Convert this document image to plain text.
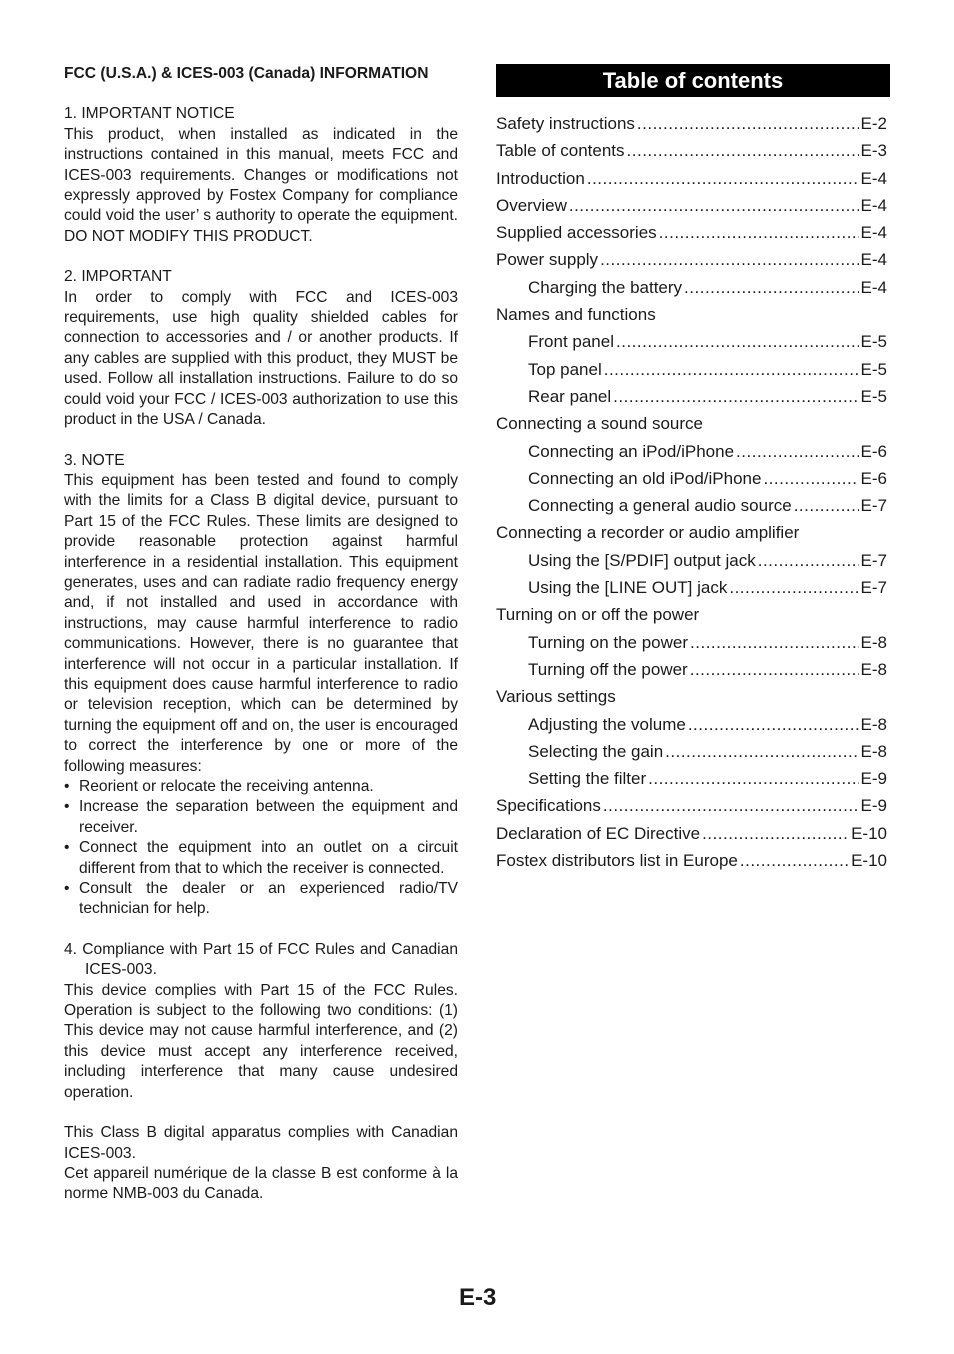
FCC (U.S.A.) & ICES-003 (Canada) INFORMATION

1. IMPORTANT NOTICE

This product, when installed as indicated in the instructions contained in this manual, meets FCC and ICES-003 requirements. Changes or modifications not expressly approved by Fostex Company for compliance could void the user’ s authority to operate the equipment. DO NOT MODIFY THIS PRODUCT.

2. IMPORTANT

In order to comply with FCC and ICES-003 requirements, use high quality shielded cables for connection to accessories and / or another products. If any cables are supplied with this product, they MUST be used. Follow all installation instructions. Failure to do so could void your FCC / ICES-003 authorization to use this product in the USA / Canada.

3. NOTE

This equipment has been tested and found to comply with the limits for a Class B digital device, pursuant to Part 15 of the FCC Rules. These limits are designed to provide reasonable protection against harmful interference in a residential installation. This equipment generates, uses and can radiate radio frequency energy and, if not installed and used in accordance with instructions, may cause harmful interference to radio communications. However, there is no guarantee that interference will not occur in a particular installation. If this equipment does cause harmful interference to radio or television reception, which can be determined by turning the equipment off and on, the user is encouraged to correct the interference by one or more of the following measures:

• Reorient or relocate the receiving antenna.
• Increase the separation between the equipment and receiver.
• Connect the equipment into an outlet on a circuit different from that to which the receiver is connected.
• Consult the dealer or an experienced radio/TV technician for help.

4. Compliance with Part 15 of FCC Rules and Canadian ICES-003.

This device complies with Part 15 of the FCC Rules. Operation is subject to the following two conditions: (1) This device may not cause harmful interference, and (2) this device must accept any interference received, including interference that many cause undesired operation.

This Class B digital apparatus complies with Canadian ICES-003.

Cet appareil numérique de la classe B est conforme à la norme NMB-003 du Canada.

Table of contents
Safety instructions .....	E-2
Table of contents .....	E-3
Introduction .....	E-4
Overview .....	E-4
Supplied accessories .....	E-4
Power supply .....	E-4
Charging the battery .....	E-4
Names and functions
Front panel .....	E-5
Top panel .....	E-5
Rear panel .....	E-5
Connecting a sound source
Connecting an iPod/iPhone .....	E-6
Connecting an old iPod/iPhone .....	E-6
Connecting a general audio source .....	E-7
Connecting a recorder or audio amplifier
Using the [S/PDIF] output jack .....	E-7
Using the [LINE OUT] jack .....	E-7
Turning on or off the power
Turning on the power .....	E-8
Turning off the power .....	E-8
Various settings
Adjusting the volume .....	E-8
Selecting the gain .....	E-8
Setting the filter .....	E-9
Specifications .....	E-9
Declaration of EC Directive .....	E-10
Fostex distributors list in Europe .....	E-10
E-3
